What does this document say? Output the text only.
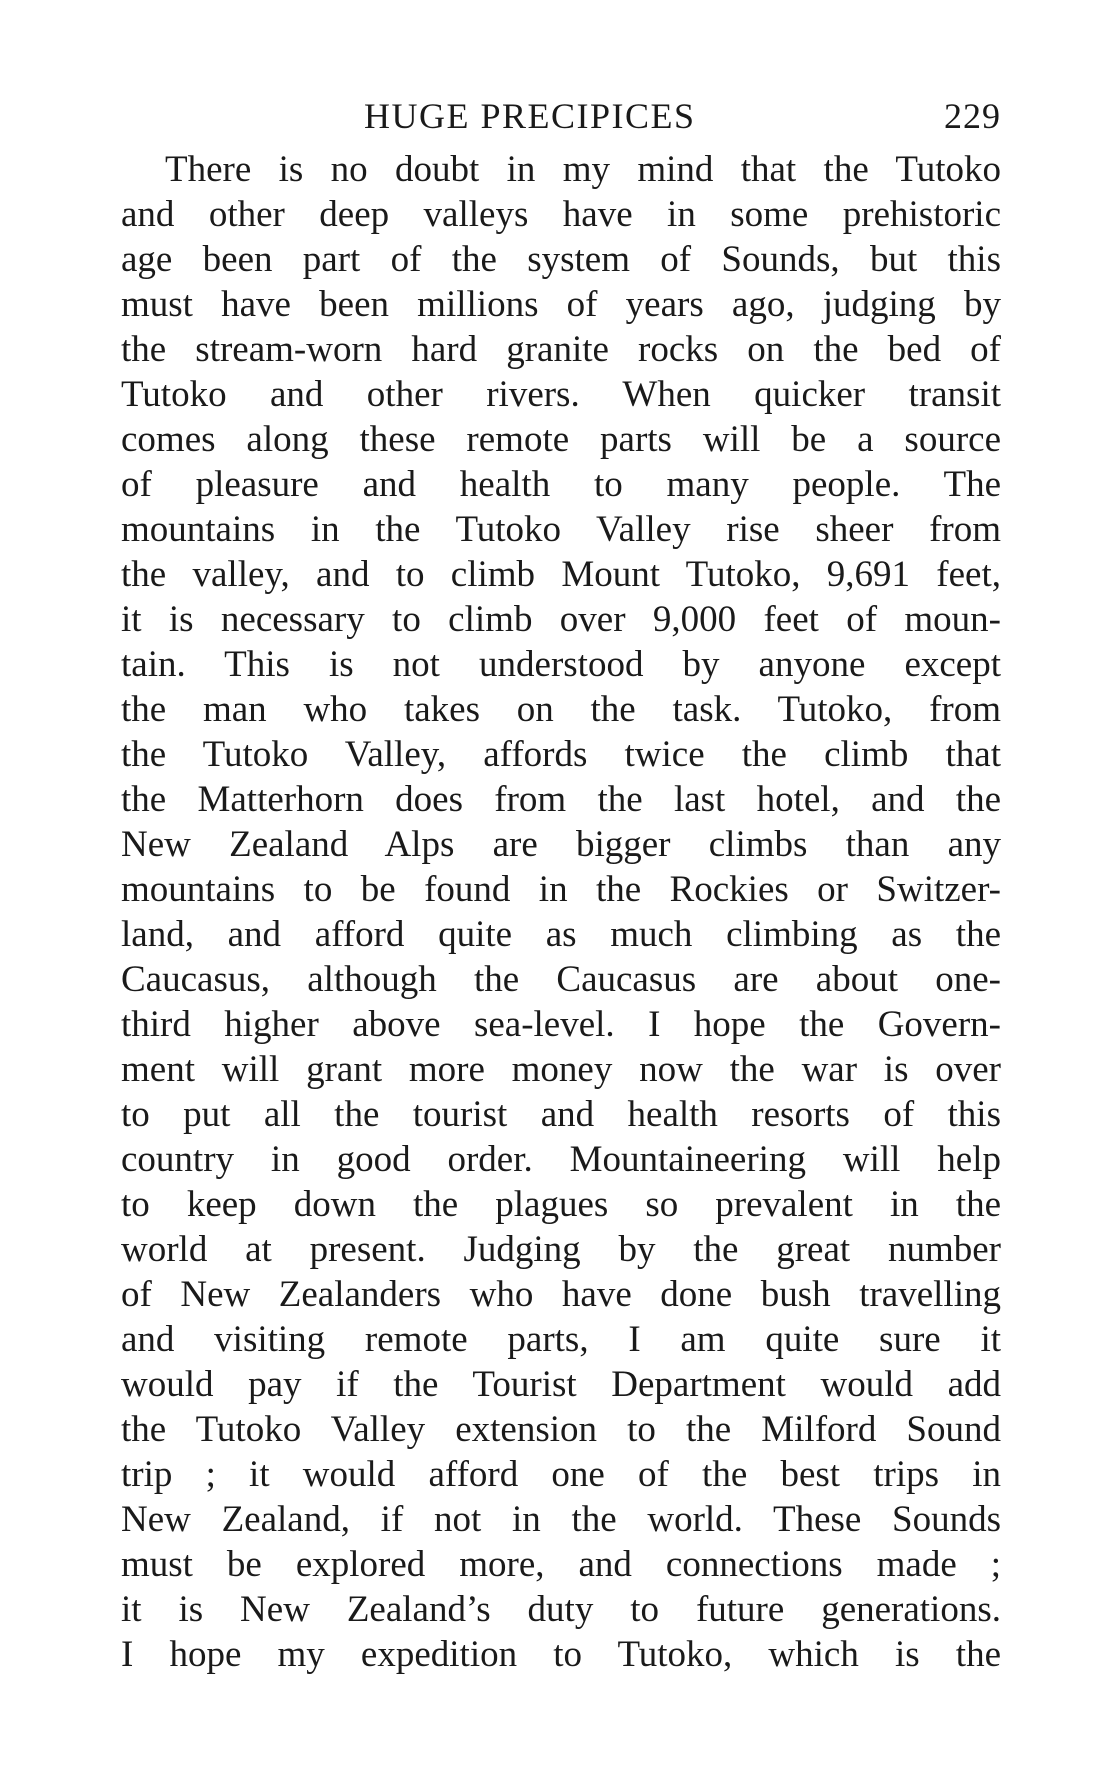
HUGE PRECIPICES	229

There is no doubt in my mind that the Tutoko
and other deep valleys have in some prehistoric
age been part of the system of Sounds, but this
must have been millions of years ago, judging by
the stream-worn hard granite rocks on the bed of
Tutoko and other rivers. When quicker transit
comes along these remote parts will be a source
of pleasure and health to many people. The
mountains in the Tutoko Valley rise sheer from
the valley, and to climb Mount Tutoko, 9,691 feet,
it is necessary to climb over 9,000 feet of moun-
tain. This is not understood by anyone except
the man who takes on the task. Tutoko, from
the Tutoko Valley, affords twice the climb that
the Matterhorn does from the last hotel, and the
New Zealand Alps are bigger climbs than any
mountains to be found in the Rockies or Switzer-
land, and afford quite as much climbing as the
Caucasus, although the Caucasus are about one-
third higher above sea-level. I hope the Govern-
ment will grant more money now the war is over
to put all the tourist and health resorts of this
country in good order. Mountaineering will help
to keep down the plagues so prevalent in the
world at present. Judging by the great number
of New Zealanders who have done bush travelling
and visiting remote parts, I am quite sure it
would pay if the Tourist Department would add
the Tutoko Valley extension to the Milford Sound
trip ; it would afford one of the best trips in
New Zealand, if not in the world. These Sounds
must be explored more, and connections made ;
it is New Zealand’s duty to future generations.
I hope my expedition to Tutoko, which is the
